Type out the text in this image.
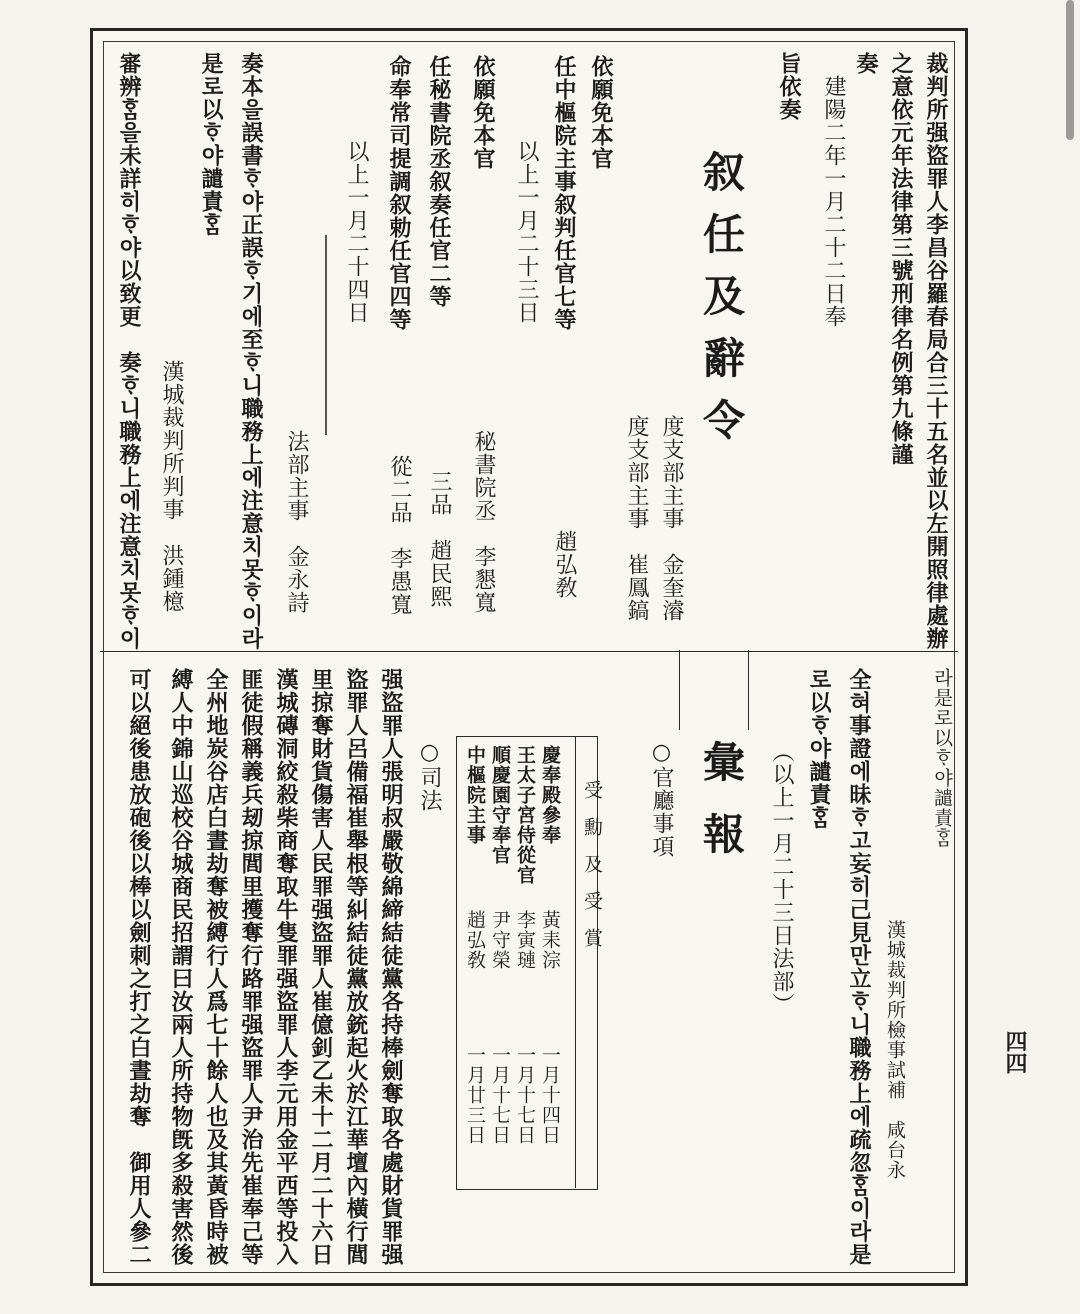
四四
裁判所强盜罪人李昌谷羅春局合三十五名並以左開照律處辦
之意依元年法律第三號刑律名例第九條謹
奏
建陽二年一月二十二日奉
旨依奏
叙任及辭令
依願免本官
度支部主事　金奎濬
任中樞院主事叙判任官七等
度支部主事　崔鳳鎬
以上一月二十三日
趙弘敎
依願免本官
秘書院丞　李懇寬
任秘書院丞叙奏任官二等
三品　趙民熙
命奉常司提調叙勅任官四等
從二品　李愚寬
以上一月二十四日
奏本을誤書ᄒᆞ야正誤ᄒᆞ기에至ᄒᆞ니職務上에注意치못ᄒᆞ이라
是로以ᄒᆞ야譴責ᄒᆞᆷ
法部主事　金永詩
漢城裁判所判事　洪鍾檍
審辨ᄒᆞᆷ을未詳히ᄒᆞ야以致更　奏ᄒᆞ니職務上에注意치못ᄒᆞ이
라是로以ᄒᆞ야譴責ᄒᆞᆷ
漢城裁判所檢事試補　咸台永
全혀事證에昧ᄒᆞ고妄히己見만立ᄒᆞ니職務上에疏忽ᄒᆞᆷ이라是
로以ᄒᆞ야譴責ᄒᆞᆷ
（以上一月二十三日法部）
彙報
○官廳事項
受勳及受賞
慶奉殿參奉
黃耒淙
一月十四日
王太子宮侍從官
李寅璉
一月十七日
順慶園守奉官
尹守榮
一月十七日
中樞院主事
趙弘敎
一月廿三日
○司法
强盜罪人張明叔嚴敬綿締結徒黨各持棒劍奪取各處財貨罪强
盜罪人呂備福崔舉根等糾結徒黨放銃起火於江華壇內橫行閭
里掠奪財貨傷害人民罪强盜罪人崔億釗乙未十二月二十六日
漢城磚洞絞殺柴商奪取牛隻罪强盜罪人李元用金平西等投入
匪徒假稱義兵刼掠閭里擭奪行路罪强盜罪人尹治先崔奉己等
全州地炭谷店白晝劫奪被縛行人爲七十餘人也及其黃昏時被
縛人中錦山巡校谷城商民招謂曰汝兩人所持物旣多殺害然後
可以絕後患放砲後以棒以劍刺之打之白晝劫奪　御用人參二
